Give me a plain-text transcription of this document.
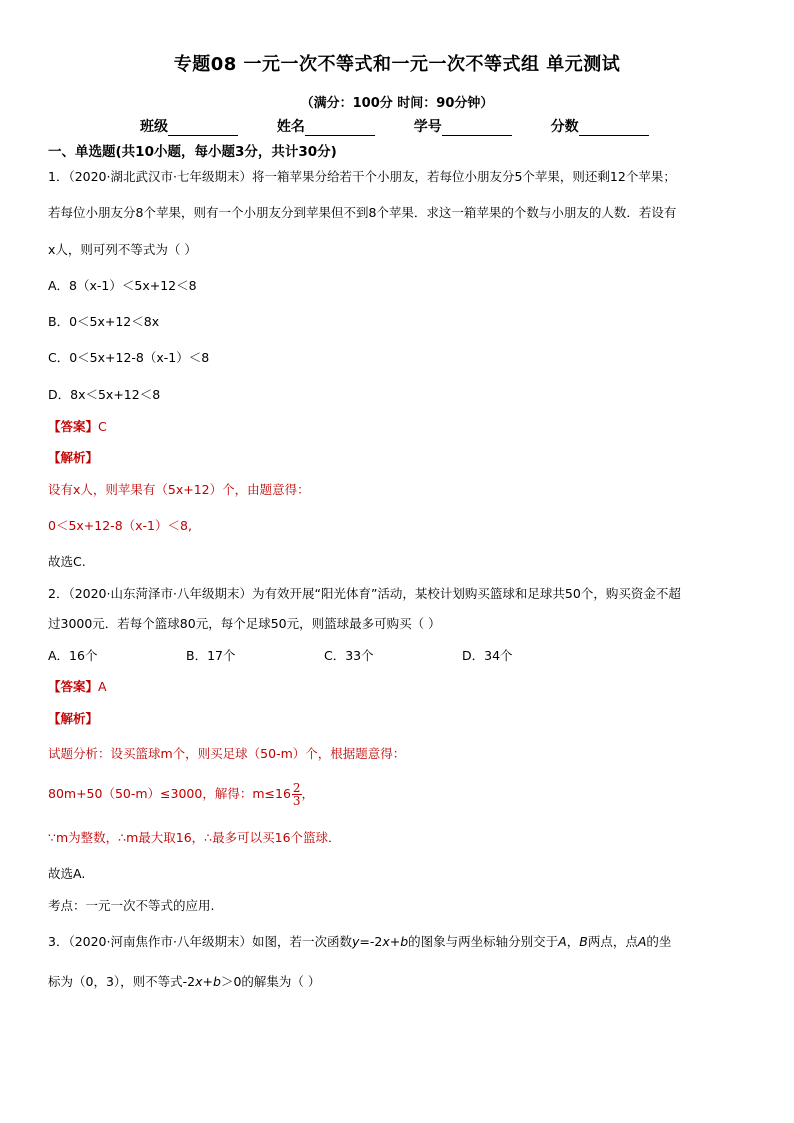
专题08 一元一次不等式和一元一次不等式组 单元测试
（满分：100分 时间：90分钟）
班级	姓名	学号	分数
一、单选题(共10小题，每小题3分，共计30分)
1．（2020·湖北武汉市·七年级期末）将一箱苹果分给若干个小朋友，若每位小朋友分5个苹果，则还剩12个苹果；
若每位小朋友分8个苹果，则有一个小朋友分到苹果但不到8个苹果．求这一箱苹果的个数与小朋友的人数．若设有
x人，则可列不等式为（ ）
A．8（x-1）＜5x+12＜8
B．0＜5x+12＜8x
C．0＜5x+12-8（x-1）＜8
D．8x＜5x+12＜8
【答案】C
【解析】
设有x人，则苹果有（5x+12）个，由题意得：
0＜5x+12-8（x-1）＜8,
故选C.
2．（2020·山东菏泽市·八年级期末）为有效开展“阳光体育”活动，某校计划购买篮球和足球共50个，购买资金不超
过3000元．若每个篮球80元，每个足球50元，则篮球最多可购买（ ）
A．16个	B．17个	C．33个	D．34个
【答案】A
【解析】
试题分析：设买篮球m个，则买足球（50-m）个，根据题意得：
80m+50（50-m）≤3000，解得：$m\le 16 \frac{2}{3}$ ，
∵m为整数，∴m最大取16，∴最多可以买16个篮球．
故选A.
考点：一元一次不等式的应用.
3．（2020·河南焦作市·八年级期末）如图，若一次函数y=-2x+b的图象与两坐标轴分别交于A，B两点，点A的坐
标为（0，3），则不等式-2x+b＞0的解集为（ ）
